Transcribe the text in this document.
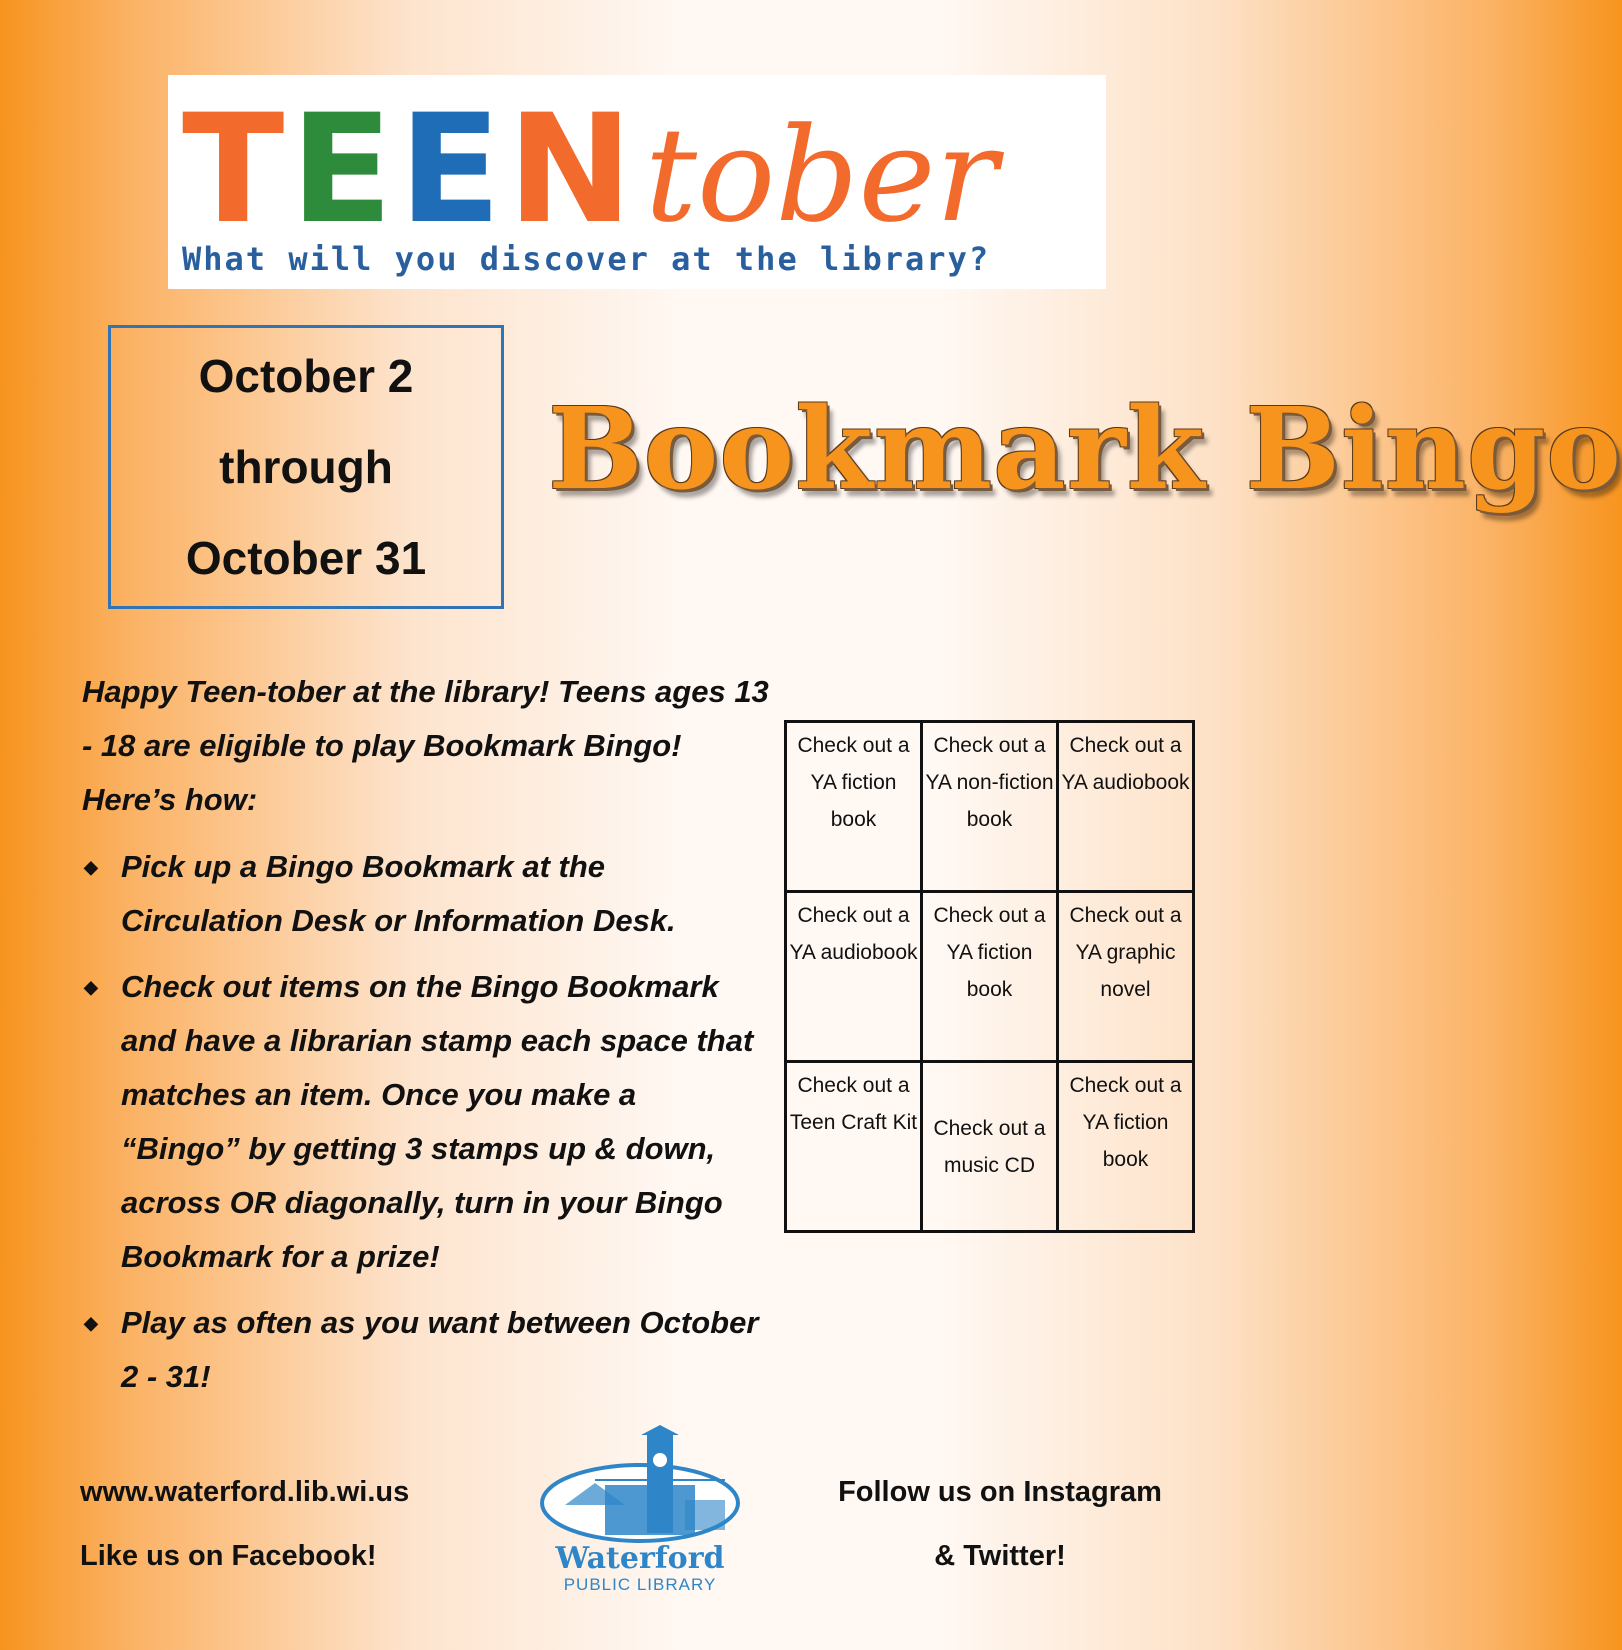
T E E N tober
What will you discover at the library?
October 2
through
October 31
Bookmark Bingo
Happy Teen-tober at the library! Teens ages 13 - 18 are eligible to play Bookmark Bingo! Here’s how:
◆ Pick up a Bingo Bookmark at the Circulation Desk or Information Desk.
◆ Check out items on the Bingo Bookmark and have a librarian stamp each space that matches an item. Once you make a “Bingo” by getting 3 stamps up & down, across OR diagonally, turn in your Bingo Bookmark for a prize!
◆ Play as often as you want between October 2 - 31!
Check out a YA fiction book	Check out a YA non-fiction book	Check out a YA audiobook
Check out a YA audiobook	Check out a YA fiction book	Check out a YA graphic novel
Check out a Teen Craft Kit	Check out a music CD	Check out a YA fiction book
www.waterford.lib.wi.us
Like us on Facebook!	Waterford
PUBLIC LIBRARY
Follow us on Instagram
& Twitter!
